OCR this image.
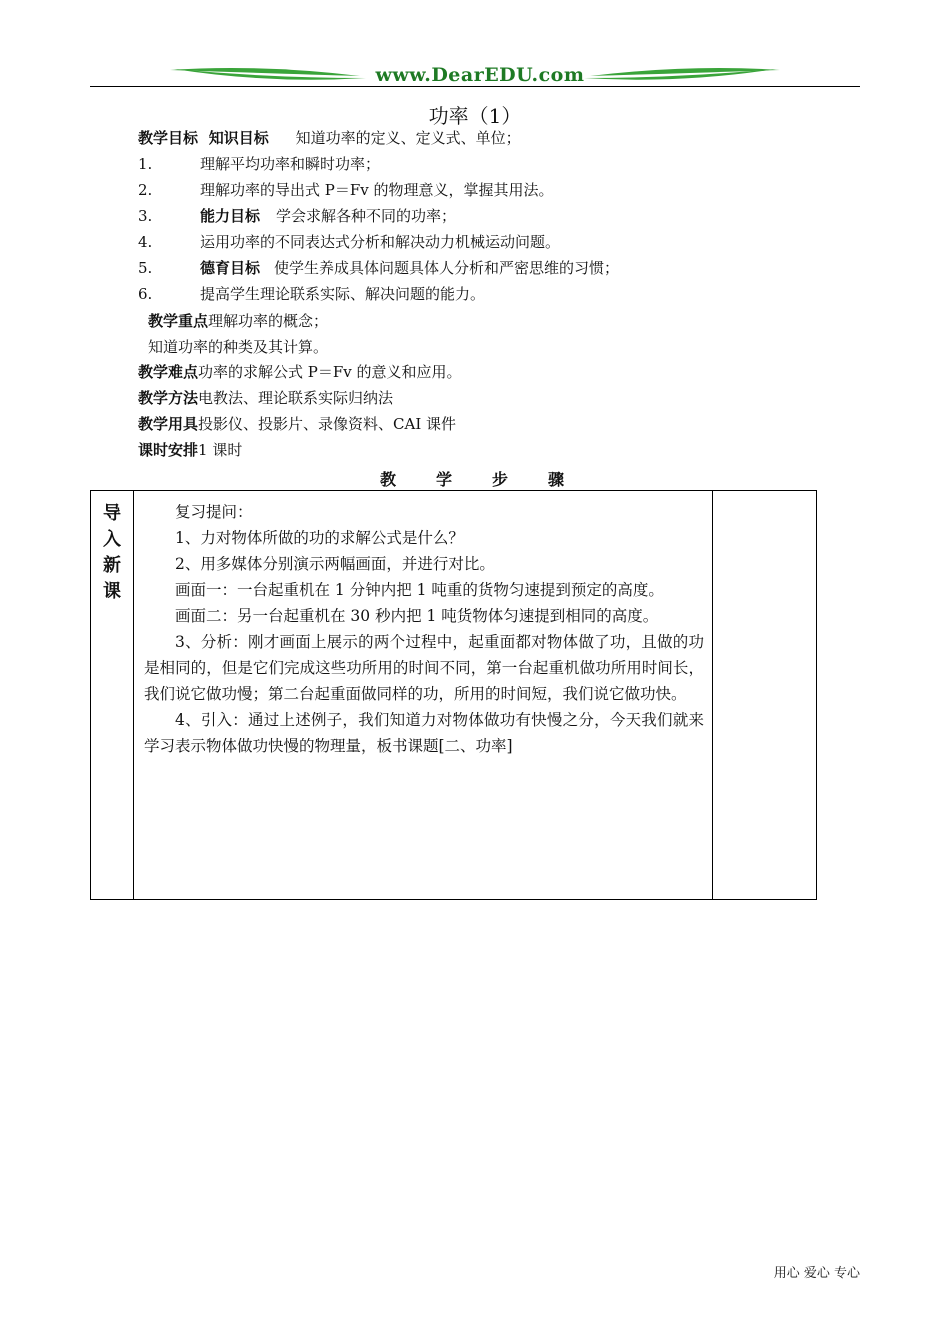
www.DearEDU.com
功率（1）
教学目标 知识目标 知道功率的定义、定义式、单位；
1.	理解平均功率和瞬时功率；
2.	理解功率的导出式 P＝Fv 的物理意义，掌握其用法。
3.	能力目标 学会求解各种不同的功率；
4.	运用功率的不同表达式分析和解决动力机械运动问题。
5.	德育目标 使学生养成具体问题具体人分析和严密思维的习惯；
6.	提高学生理论联系实际、解决问题的能力。
教学重点理解功率的概念；
知道功率的种类及其计算。
教学难点功率的求解公式 P＝Fv 的意义和应用。
教学方法电教法、理论联系实际归纳法
教学用具投影仪、投影片、录像资料、CAI 课件
课时安排1 课时
教学步骤
导
入
新
课

复习提问：

1、力对物体所做的功的求解公式是什么？

2、用多媒体分别演示两幅画面，并进行对比。

画面一：一台起重机在 1 分钟内把 1 吨重的货物匀速提到预定的高度。

画面二：另一台起重机在 30 秒内把 1 吨货物体匀速提到相同的高度。

3、分析：刚才画面上展示的两个过程中，起重面都对物体做了功，且做的功是相同的，但是它们完成这些功所用的时间不同，第一台起重机做功所用时间长，我们说它做功慢；第二台起重面做同样的功，所用的时间短，我们说它做功快。

4、引入：通过上述例子，我们知道力对物体做功有快慢之分，今天我们就来学习表示物体做功快慢的物理量，板书课题[二、功率]

用心 爱心 专心
